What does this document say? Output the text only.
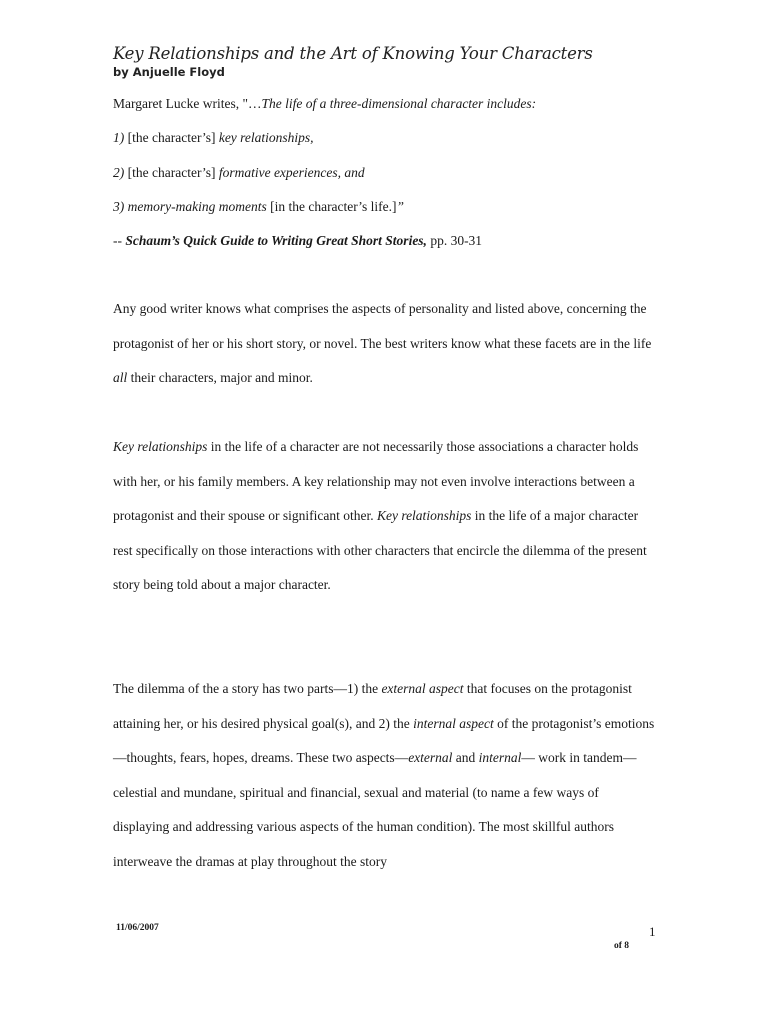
Key Relationships and the Art of Knowing Your Characters
by Anjuelle Floyd

Margaret Lucke writes, "…The life of a three-dimensional character includes:

1) [the character’s] key relationships,

2) [the character’s] formative experiences, and

3) memory-making moments [in the character’s life.]”

-- Schaum’s Quick Guide to Writing Great Short Stories, pp. 30-31

Any good writer knows what comprises the aspects of personality and listed above, concerning the protagonist of her or his short story, or novel. The best writers know what these facets are in the life all their characters, major and minor.

Key relationships in the life of a character are not necessarily those associations a character holds with her, or his family members. A key relationship may not even involve interactions between a protagonist and their spouse or significant other. Key relationships in the life of a major character rest specifically on those interactions with other characters that encircle the dilemma of the present story being told about a major character.

The dilemma of the a story has two parts—1) the external aspect that focuses on the protagonist attaining her, or his desired physical goal(s), and 2) the internal aspect of the protagonist’s emotions—thoughts, fears, hopes, dreams. These two aspects—external and internal— work in tandem—celestial and mundane, spiritual and financial, sexual and material (to name a few ways of displaying and addressing various aspects of the human condition). The most skillful authors interweave the dramas at play throughout the story

11/06/2007	1
of 8
